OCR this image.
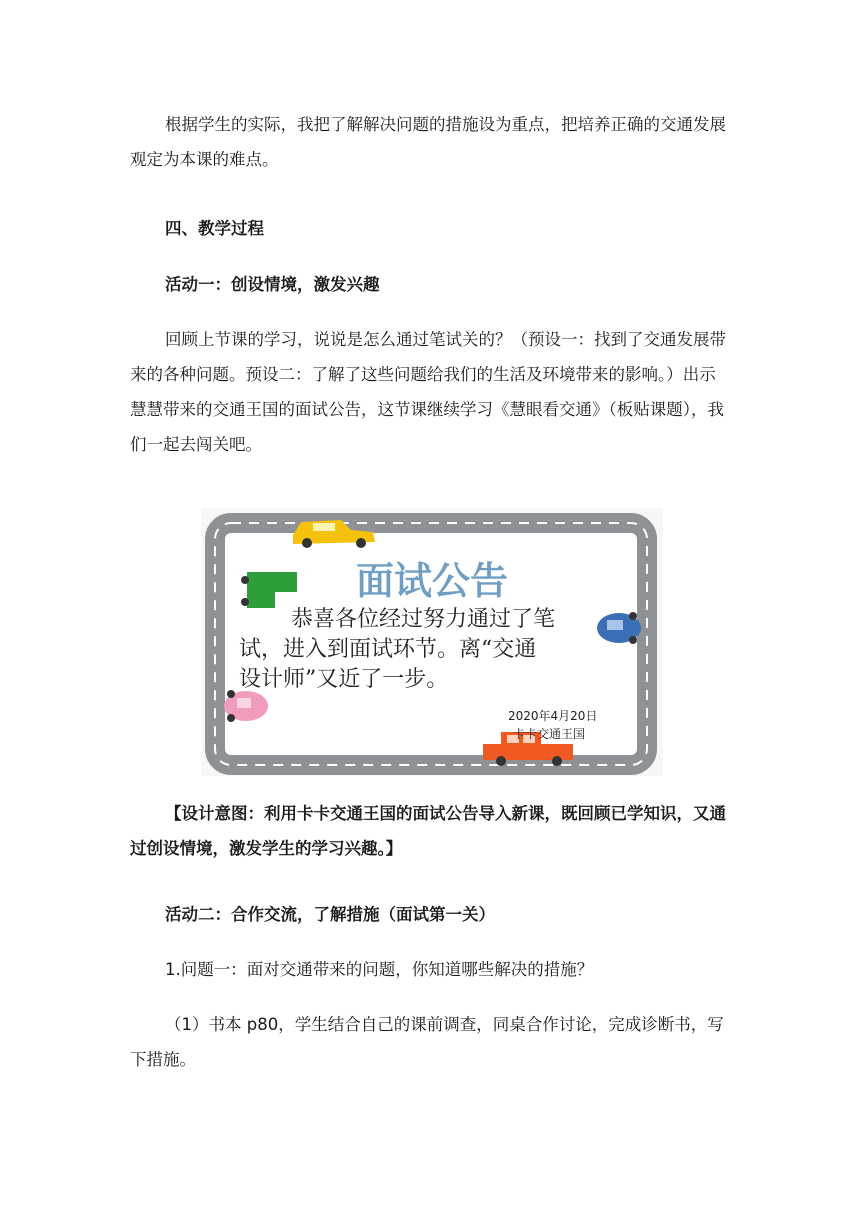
根据学生的实际，我把了解解决问题的措施设为重点，把培养正确的交通发展观定为本课的难点。

四、教学过程

活动一：创设情境，激发兴趣

回顾上节课的学习，说说是怎么通过笔试关的？（预设一：找到了交通发展带来的各种问题。预设二：了解了这些问题给我们的生活及环境带来的影响。）出示慧慧带来的交通王国的面试公告，这节课继续学习《慧眼看交通》（板贴课题），我们一起去闯关吧。

面试公告
恭喜各位经过努力通过了笔
试，进入到面试环节。离“交通
设计师”又近了一步。
2020年4月20日
卡卡交通王国

【设计意图：利用卡卡交通王国的面试公告导入新课，既回顾已学知识，又通过创设情境，激发学生的学习兴趣。】

活动二：合作交流，了解措施（面试第一关）

1.问题一：面对交通带来的问题，你知道哪些解决的措施？

（1）书本 p80，学生结合自己的课前调查，同桌合作讨论，完成诊断书，写下措施。
